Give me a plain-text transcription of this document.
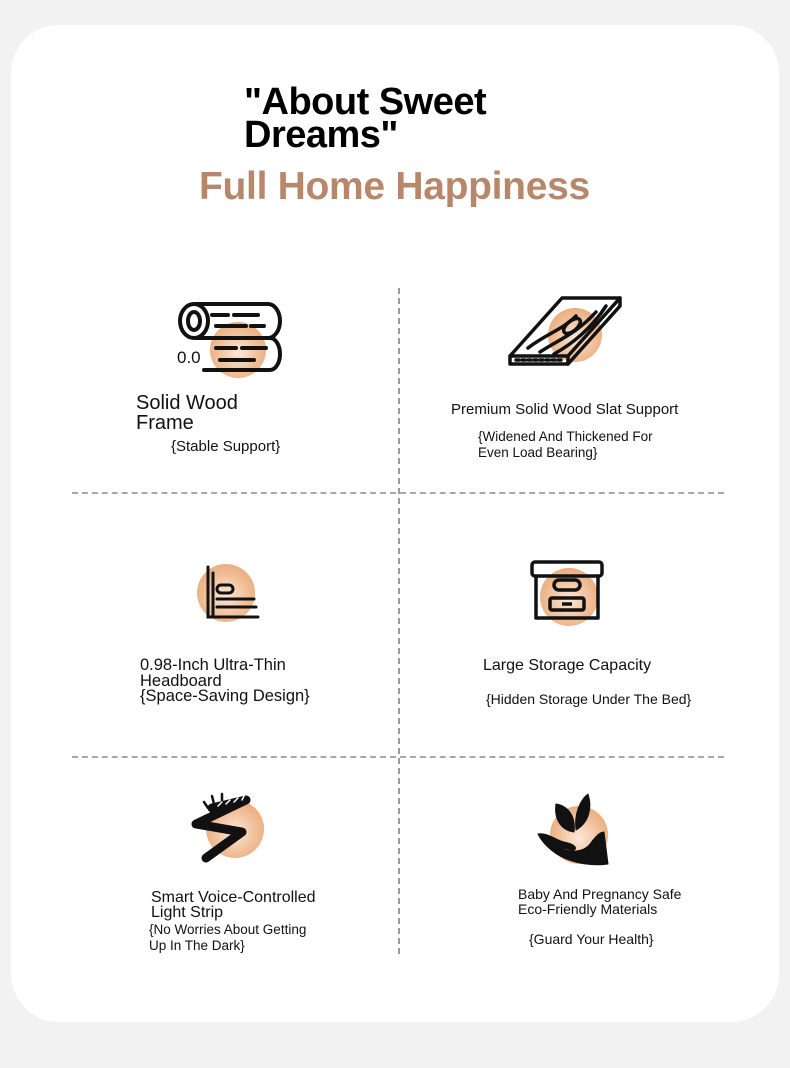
"About Sweet
Dreams"
Full Home Happiness
0.0
Solid Wood
Frame
{Stable Support}
Premium Solid Wood Slat Support
{Widened And Thickened For
Even Load Bearing}
0.98-Inch Ultra-Thin
Headboard
{Space-Saving Design}
Large Storage Capacity
{Hidden Storage Under The Bed}
Smart Voice-Controlled
Light Strip
{No Worries About Getting
Up In The Dark}
Baby And Pregnancy Safe
Eco-Friendly Materials
{Guard Your Health}
